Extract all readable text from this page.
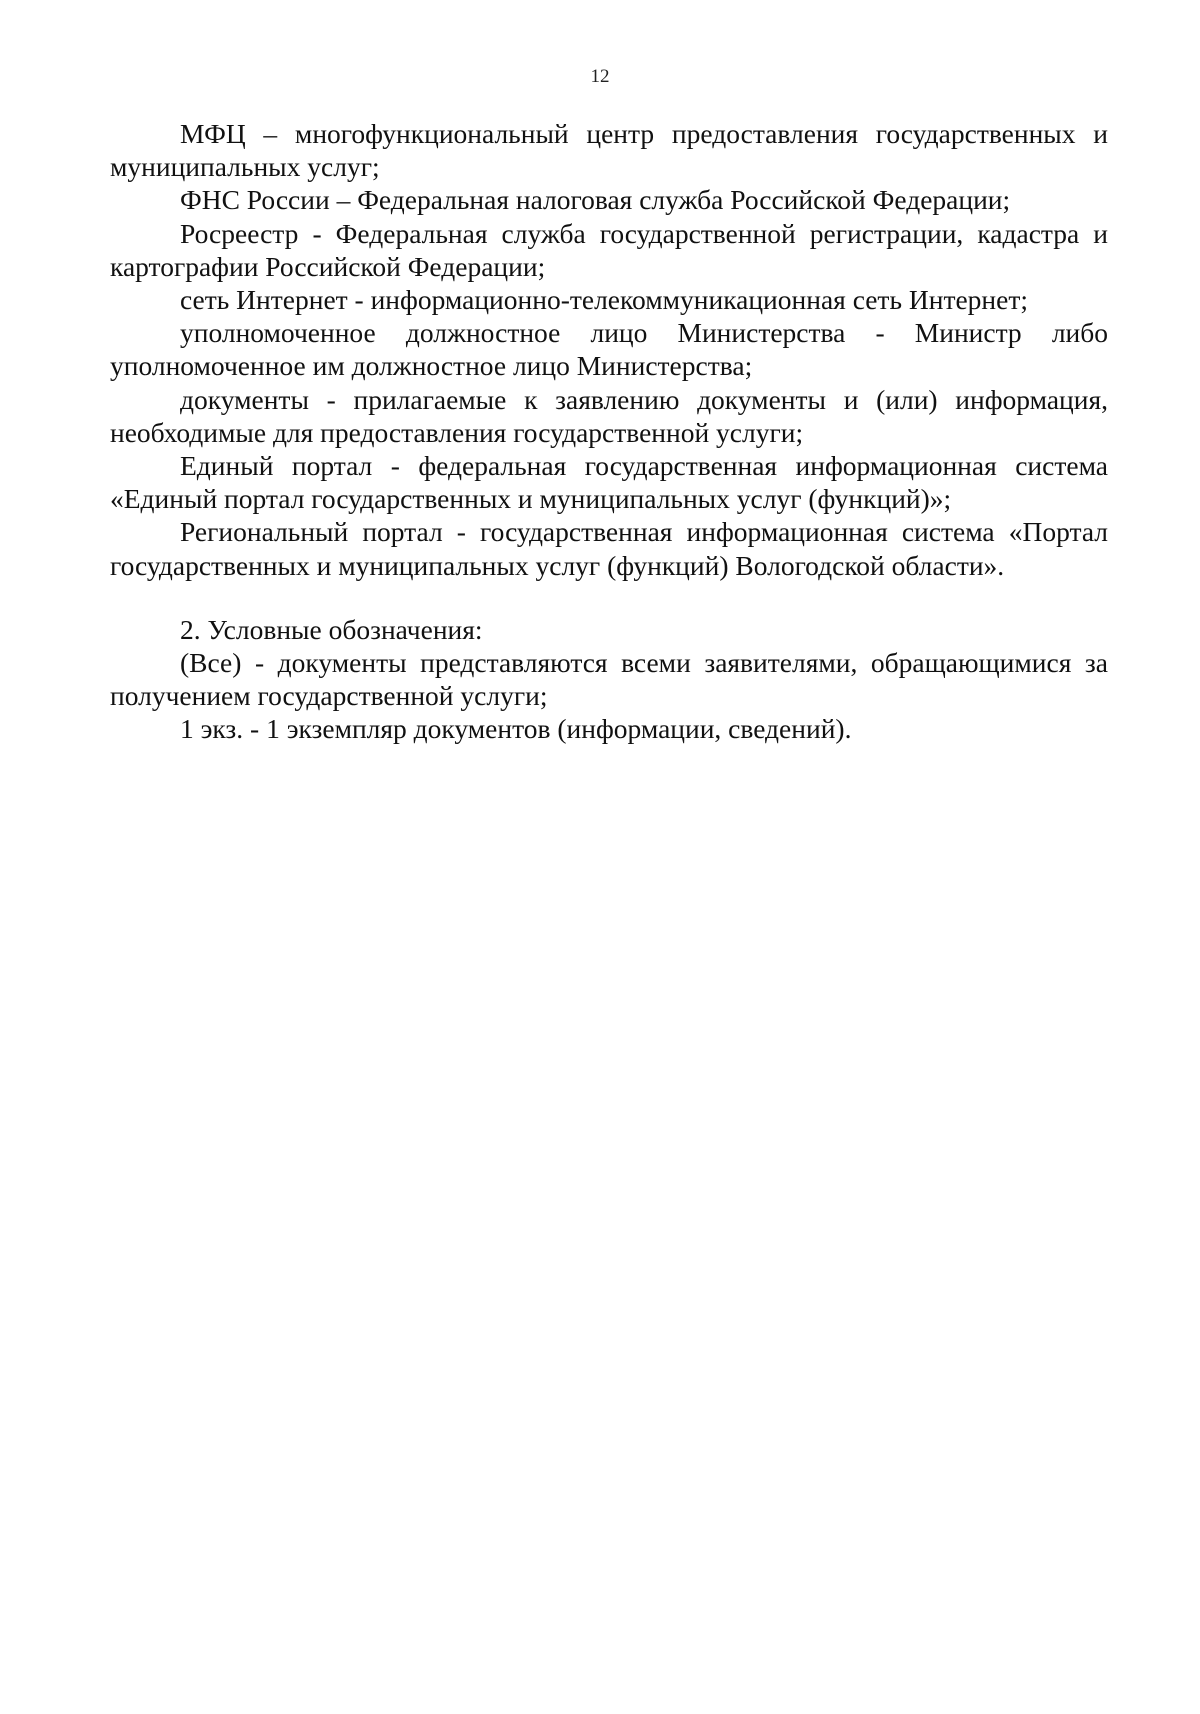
12

МФЦ – многофункциональный центр предоставления государственных и муниципальных услуг;

ФНС России – Федеральная налоговая служба Российской Федерации;

Росреестр - Федеральная служба государственной регистрации, кадастра и картографии Российской Федерации;

сеть Интернет - информационно-телекоммуникационная сеть Интернет;

уполномоченное должностное лицо Министерства - Министр либо уполномоченное им должностное лицо Министерства;

документы - прилагаемые к заявлению документы и (или) информация, необходимые для предоставления государственной услуги;

Единый портал - федеральная государственная информационная система «Единый портал государственных и муниципальных услуг (функций)»;

Региональный портал - государственная информационная система «Портал государственных и муниципальных услуг (функций) Вологодской области».

2. Условные обозначения:

(Все) - документы представляются всеми заявителями, обращающимися за получением государственной услуги;

1 экз. - 1 экземпляр документов (информации, сведений).
